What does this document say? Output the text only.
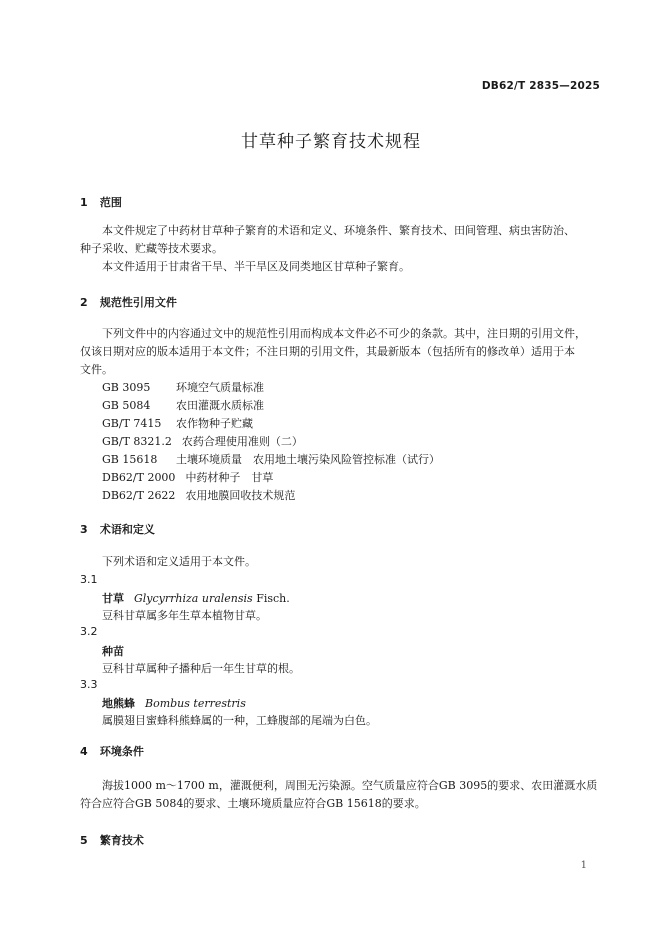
DB62/T 2835—2025
甘草种子繁育技术规程
1 范围
本文件规定了中药材甘草种子繁育的术语和定义、环境条件、繁育技术、田间管理、病虫害防治、
种子采收、贮藏等技术要求。
本文件适用于甘肃省干旱、半干旱区及同类地区甘草种子繁育。
2 规范性引用文件
下列文件中的内容通过文中的规范性引用而构成本文件必不可少的条款。其中，注日期的引用文件，
仅该日期对应的版本适用于本文件；不注日期的引用文件，其最新版本（包括所有的修改单）适用于本
文件。
GB 3095 环境空气质量标准
GB 5084 农田灌溉水质标准
GB/T 7415 农作物种子贮藏
GB/T 8321.2 农药合理使用准则（二）
GB 15618 土壤环境质量　农用地土壤污染风险管控标准（试行）
DB62/T 2000 中药材种子　甘草
DB62/T 2622 农用地膜回收技术规范
3 术语和定义
下列术语和定义适用于本文件。
3.1
甘草 Glycyrrhiza uralensis Fisch.
豆科甘草属多年生草本植物甘草。
3.2
种苗
豆科甘草属种子播种后一年生甘草的根。
3.3
地熊蜂 Bombus terrestris
属膜翅目蜜蜂科熊蜂属的一种，工蜂腹部的尾端为白色。
4 环境条件
海拔1000 m～1700 m，灌溉便利，周围无污染源。空气质量应符合GB 3095的要求、农田灌溉水质
符合应符合GB 5084的要求、土壤环境质量应符合GB 15618的要求。
5 繁育技术
1
